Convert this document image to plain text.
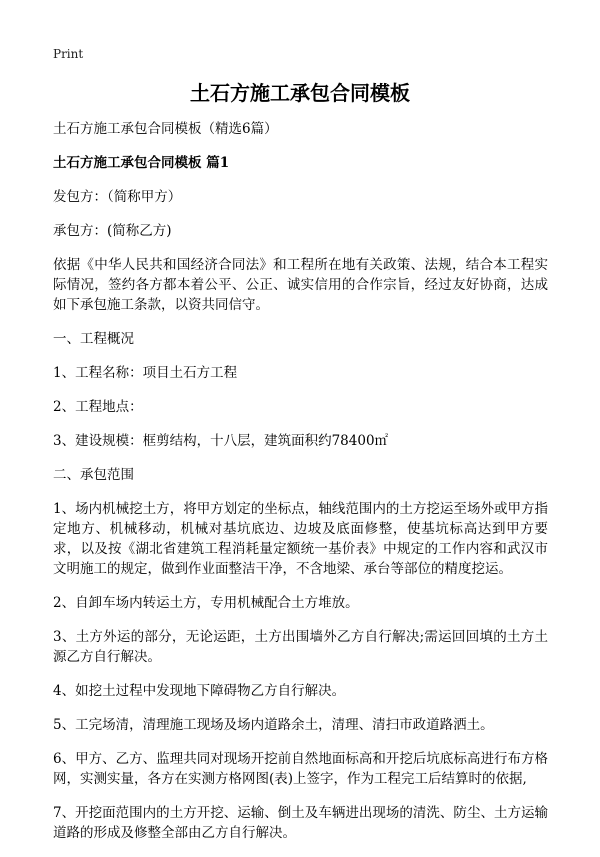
Print
土石方施工承包合同模板

土石方施工承包合同模板（精选6篇）

土石方施工承包合同模板 篇1

发包方：（简称甲方）

承包方：(简称乙方)

依据《中华人民共和国经济合同法》和工程所在地有关政策、法规，结合本工程实际情况，签约各方都本着公平、公正、诚实信用的合作宗旨，经过友好协商，达成如下承包施工条款，以资共同信守。

一、工程概况

1、工程名称：项目土石方工程

2、工程地点：

3、建设规模：框剪结构，十八层，建筑面积约78400㎡

二、承包范围

1、场内机械挖土方，将甲方划定的坐标点，轴线范围内的土方挖运至场外或甲方指定地方、机械移动，机械对基坑底边、边坡及底面修整，使基坑标高达到甲方要求，以及按《湖北省建筑工程消耗量定额统一基价表》中规定的工作内容和武汉市文明施工的规定，做到作业面整洁干净，不含地梁、承台等部位的精度挖运。

2、自卸车场内转运土方，专用机械配合土方堆放。

3、土方外运的部分，无论运距，土方出围墙外乙方自行解决;需运回回填的土方土源乙方自行解决。

4、如挖土过程中发现地下障碍物乙方自行解决。

5、工完场清，清理施工现场及场内道路余土，清理、清扫市政道路洒土。

6、甲方、乙方、监理共同对现场开挖前自然地面标高和开挖后坑底标高进行布方格网，实测实量，各方在实测方格网图(表)上签字，作为工程完工后结算时的依据,

7、开挖面范围内的土方开挖、运输、倒土及车辆进出现场的清洗、防尘、土方运输道路的形成及修整全部由乙方自行解决。
